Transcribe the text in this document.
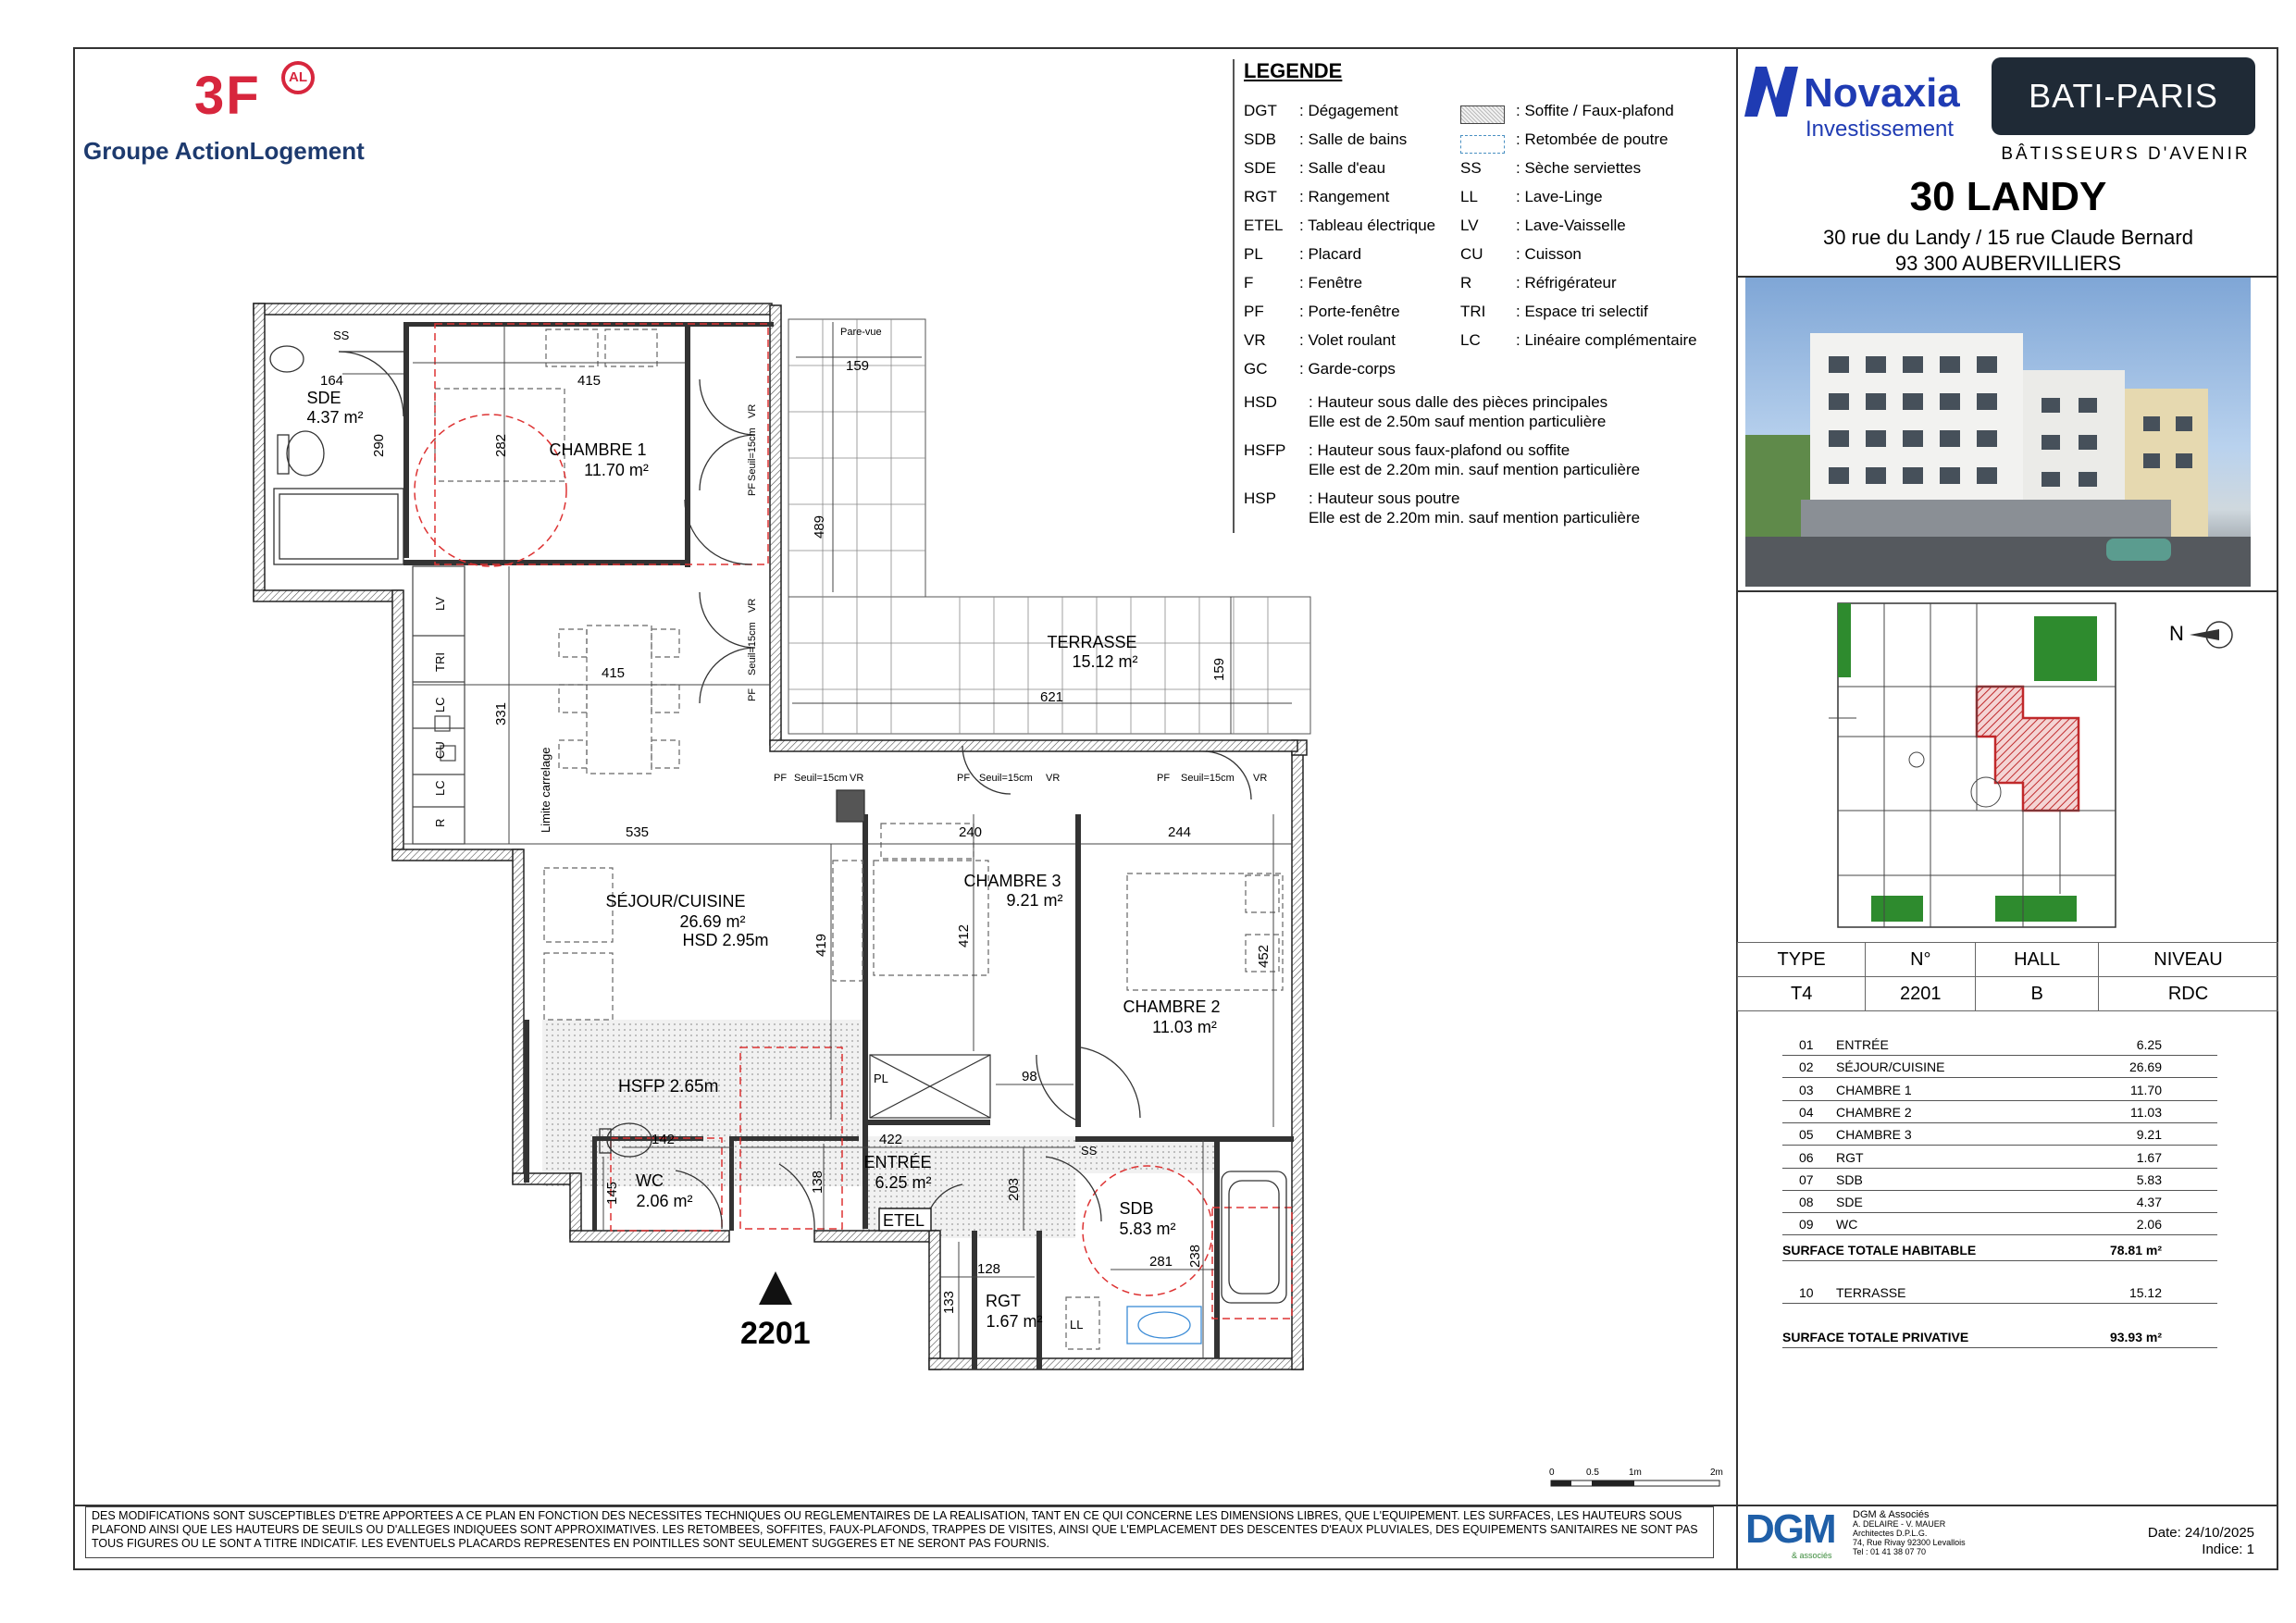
3F	AL
Groupe ActionLogement
LEGENDE
DGT : Dégagement
SDB : Salle de bains
SDE : Salle d'eau
RGT : Rangement
ETEL : Tableau électrique
PL : Placard
F	: Fenêtre
PF : Porte-fenêtre
VR : Volet roulant
GC : Garde-corps
: Soffite / Faux-plafond
: Retombée de poutre
SS : Sèche serviettes
LL : Lave-Linge
LV : Lave-Vaisselle
CU : Cuisson
R	: Réfrigérateur
TRI : Espace tri selectif
LC : Linéaire complémentaire
HSD : Hauteur sous dalle des pièces principales
Elle est de 2.50m sauf mention particulière
HSFP : Hauteur sous faux-plafond ou soffite
Elle est de 2.20m min. sauf mention particulière
HSP : Hauteur sous poutre
Elle est de 2.20m min. sauf mention particulière
Novaxia
Investissement
BATI-PARIS
BÂTISSEURS D'AVENIR
30 LANDY
30 rue du Landy / 15 rue Claude Bernard
93 300 AUBERVILLIERS
N
TYPE	N°	HALL	NIVEAU
T4	2201	B	RDC
01 ENTRÉE	6.25
02 SÉJOUR/CUISINE	26.69
03 CHAMBRE 1	11.70
04 CHAMBRE 2	11.03
05 CHAMBRE 3	9.21
06 RGT	1.67
07 SDB	5.83
08 SDE	4.37
09 WC	2.06
SURFACE TOTALE HABITABLE	78.81 m²
10 TERRASSE	15.12
SURFACE TOTALE PRIVATIVE	93.93 m²
SS
SS
PL
LL
LV
TRI
LC
CU
LC
R	Limite carrelage
VR
Seuil=15cm
PF
VR
Seuil=15cm
PF
PF Seuil=15cm VR	PF Seuil=15cm VR	PF Seuil=15cm VR
Pare-vue
164
290
415
282
159
489
415
331
621
159
535	240	244
419	412
452
98
142
145	138
422
203
128
133
281 238
2201
ETEL
HSFP 2.65m
SDE
4.37 m²
CHAMBRE 1
11.70 m²
TERRASSE
15.12 m²
SÉJOUR/CUISINE
26.69 m²
HSD 2.95m
CHAMBRE 3
9.21 m²
CHAMBRE 2
11.03 m²
ENTRÉE
6.25 m²
WC
2.06 m²	SDB
5.83 m²
RGT
1.67 m²
0	0.5	1m	2m
DES MODIFICATIONS SONT SUSCEPTIBLES D'ETRE APPORTEES A CE PLAN EN FONCTION DES NECESSITES TECHNIQUES OU REGLEMENTAIRES DE LA REALISATION, TANT EN CE QUI CONCERNE LES DIMENSIONS LIBRES, QUE L'EQUIPEMENT. LES SURFACES, LES HAUTEURS SOUS PLAFOND AINSI QUE LES HAUTEURS DE SEUILS OU D'ALLEGES INDIQUEES SONT APPROXIMATIVES. LES RETOMBEES, SOFFITES, FAUX-PLAFONDS, TRAPPES DE VISITES, AINSI QUE L'EMPLACEMENT DES DESCENTES D'EAUX PLUVIALES, DES EQUIPEMENTS SANITAIRES NE SONT PAS TOUS FIGURES OU LE SONT A TITRE INDICATIF. LES EVENTUELS PLACARDS REPRESENTES EN POINTILLES SONT SEULEMENT SUGGERES ET NE SERONT PAS FOURNIS.	DGM
& associés
DGM & Associés
A. DELAIRE - V. MAUER
Architectes D.P.L.G.
74, Rue Rivay 92300 Levallois
Tel : 01 41 38 07 70
Date: 24/10/2025
Indice: 1
